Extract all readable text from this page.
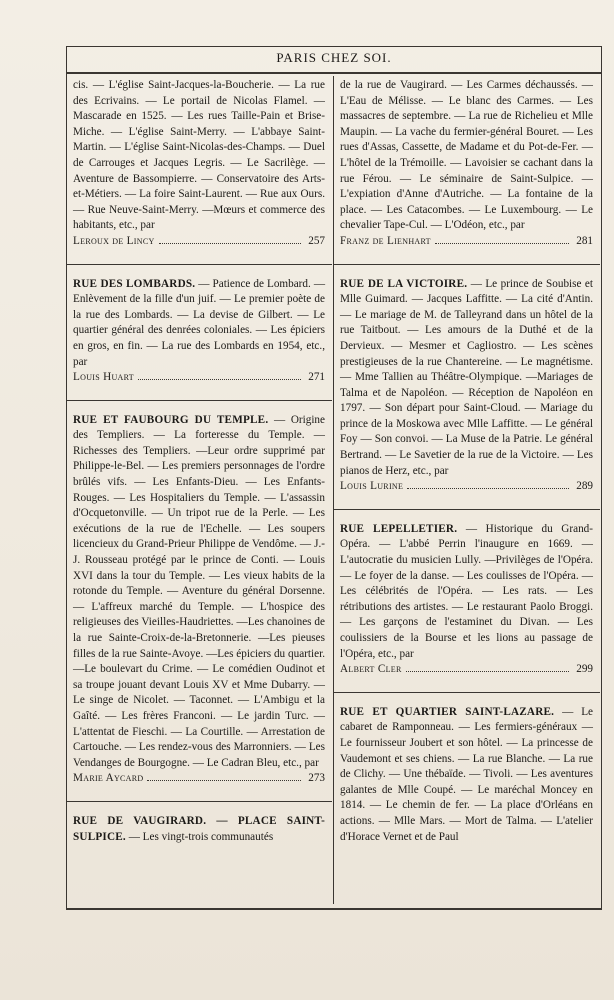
PARIS CHEZ SOI.
cis. — L'église Saint-Jacques-la-Boucherie. — La rue des Ecrivains. — Le portail de Nicolas Flamel. — Mascarade en 1525. — Les rues Taille-Pain et Brise-Miche. — L'église Saint-Merry. — L'abbaye Saint-Martin. — L'église Saint-Nicolas-des-Champs. — Duel de Carrouges et Jacques Legris. — Le Sacrilège. — Aventure de Bassompierre. — Conservatoire des Arts-et-Métiers. — La foire Saint-Laurent. — Rue aux Ours. — Rue Neuve-Saint-Merry. —Mœurs et commerce des habitants, etc., par
Leroux de Lincy	257
RUE DES LOMBARDS. — Patience de Lombard. — Enlèvement de la fille d'un juif. — Le premier poète de la rue des Lombards. — La devise de Gilbert. — Le quartier général des denrées coloniales. — Les épiciers en gros, en fin. — La rue des Lombards en 1954, etc., par
Louis Huart	271
RUE ET FAUBOURG DU TEMPLE. — Origine des Templiers. — La forteresse du Temple. — Richesses des Templiers. —Leur ordre supprimé par Philippe-le-Bel. — Les premiers personnages de l'ordre brûlés vifs. — Les Enfants-Dieu. — Les Enfants-Rouges. — Les Hospitaliers du Temple. — L'assassin d'Ocquetonville. — Un tripot rue de la Perle. — Les exécutions de la rue de l'Echelle. — Les soupers licencieux du Grand-Prieur Philippe de Vendôme. — J.-J. Rousseau protégé par le prince de Conti. — Louis XVI dans la tour du Temple. — Les vieux habits de la rotonde du Temple. — Aventure du général Dorsenne. — L'affreux marché du Temple. — L'hospice des religieuses des Vieilles-Haudriettes. —Les chanoines de la rue Sainte-Croix-de-la-Bretonnerie. —Les pieuses filles de la rue Sainte-Avoye. —Les épiciers du quartier. —Le boulevart du Crime. — Le comédien Oudinot et sa troupe jouant devant Louis XV et Mme Dubarry. — Le singe de Nicolet. — Taconnet. — L'Ambigu et la Gaîté. — Les frères Franconi. — Le jardin Turc. — L'attentat de Fieschi. — La Courtille. — Arrestation de Cartouche. — Les rendez-vous des Marronniers. — Les Vendanges de Bourgogne. — Le Cadran Bleu, etc., par
Marie Aycard	273
RUE DE VAUGIRARD. — PLACE SAINT-SULPICE. — Les vingt-trois communautés
de la rue de Vaugirard. — Les Carmes déchaussés. — L'Eau de Mélisse. — Le blanc des Carmes. — Les massacres de septembre. — La rue de Richelieu et Mlle Maupin. — La vache du fermier-général Bouret. — Les rues d'Assas, Cassette, de Madame et du Pot-de-Fer. — L'hôtel de la Trémoille. — Lavoisier se cachant dans la rue Férou. — Le séminaire de Saint-Sulpice. — L'expiation d'Anne d'Autriche. — La fontaine de la place. — Les Catacombes. — Le Luxembourg. — Le chevalier Tape-Cul. — L'Odéon, etc., par
Franz de Lienhart	281
RUE DE LA VICTOIRE. — Le prince de Soubise et Mlle Guimard. — Jacques Laffitte. — La cité d'Antin. — Le mariage de M. de Talleyrand dans un hôtel de la rue Taitbout. — Les amours de la Duthé et de la Dervieux. — Mesmer et Cagliostro. — Les scènes prestigieuses de la rue Chantereine. — Le magnétisme. — Mme Tallien au Théâtre-Olympique. —Mariages de Talma et de Napoléon. — Réception de Napoléon en 1797. — Son départ pour Saint-Cloud. — Mariage du prince de la Moskowa avec Mlle Laffitte. — Le général Foy — Son convoi. — La Muse de la Patrie. Le général Bertrand. — Le Savetier de la rue de la Victoire. — Les pianos de Herz, etc., par
Louis Lurine	289
RUE LEPELLETIER. — Historique du Grand-Opéra. — L'abbé Perrin l'inaugure en 1669. —L'autocratie du musicien Lully. —Privilèges de l'Opéra. — Le foyer de la danse. — Les coulisses de l'Opéra. — Les célébrités de l'Opéra. — Les rats. — Les rétributions des artistes. — Le restaurant Paolo Broggi. — Les garçons de l'estaminet du Divan. — Les coulissiers de la Bourse et les lions au passage de l'Opéra, etc., par
Albert Cler	299
RUE ET QUARTIER SAINT-LAZARE. — Le cabaret de Ramponneau. — Les fermiers-généraux — Le fournisseur Joubert et son hôtel. — La princesse de Vaudemont et ses chiens. — La rue Blanche. — La rue de Clichy. — Une thébaïde. — Tivoli. — Les aventures galantes de Mlle Coupé. — Le maréchal Moncey en 1814. — Le chemin de fer. — La place d'Orléans en actions. — Mlle Mars. — Mort de Talma. — L'atelier d'Horace Vernet et de Paul
